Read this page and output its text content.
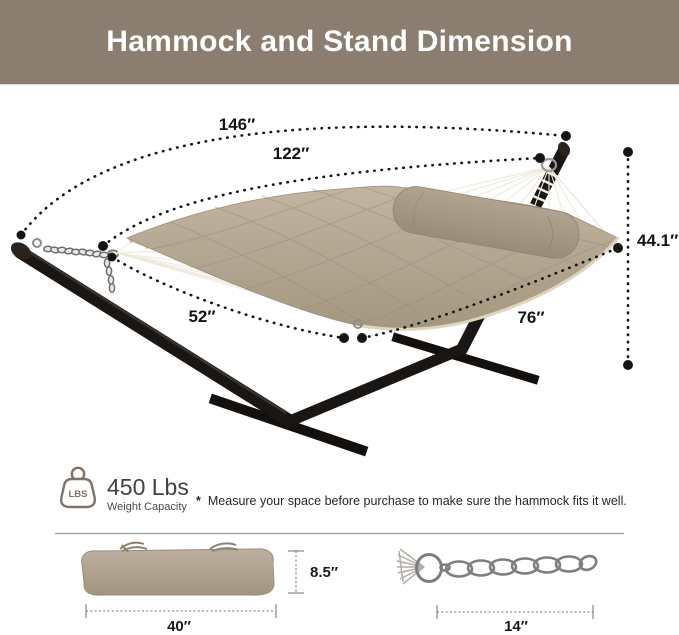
Hammock and Stand Dimension
146″
122″
52″	76″
44.1″
8.5″
40″	14″
LBS 450 Lbs
Weight Capacity * Measure your space before purchase to make sure the hammock fits it well.
